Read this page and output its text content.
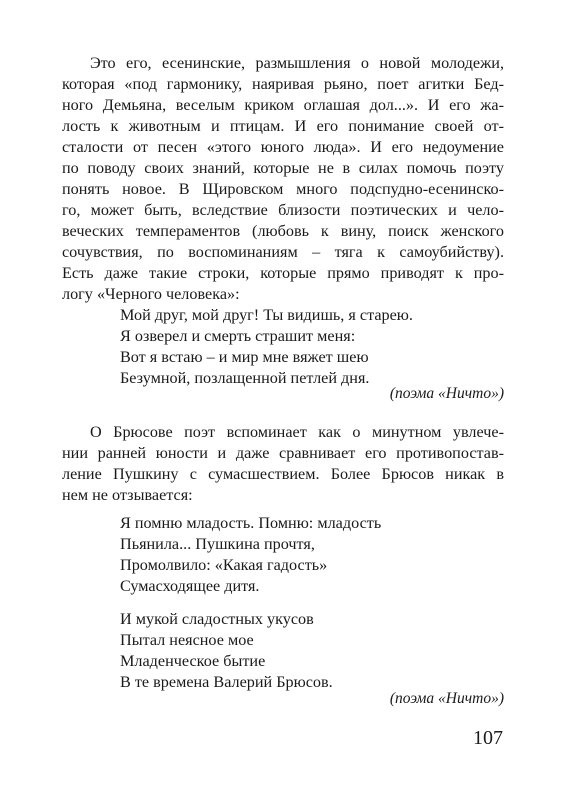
Это его, есенинские, размышления о новой молодежи,
которая «под гармонику, наяривая рьяно, поет агитки Бед-
ного Демьяна, веселым криком оглашая дол...». И его жа-
лость к животным и птицам. И его понимание своей от-
сталости от песен «этого юного люда». И его недоумение
по поводу своих знаний, которые не в силах помочь поэту
понять новое. В Щировском много подспудно-есенинско-
го, может быть, вследствие близости поэтических и чело-
веческих темпераментов (любовь к вину, поиск женского
сочувствия, по воспоминаниям – тяга к самоубийству).
Есть даже такие строки, которые прямо приводят к про-
логу «Черного человека»:
Мой друг, мой друг! Ты видишь, я старею.
Я озверел и смерть страшит меня:
Вот я встаю – и мир мне вяжет шею
Безумной, позлащенной петлей дня.
(поэма «Ничто»)
О Брюсове поэт вспоминает как о минутном увлече-
нии ранней юности и даже сравнивает его противопостав-
ление Пушкину с сумасшествием. Более Брюсов никак в
нем не отзывается:
Я помню младость. Помню: младость
Пьянила... Пушкина прочтя,
Промолвило: «Какая гадость»
Сумасходящее дитя.
И мукой сладостных укусов
Пытал неясное мое
Младенческое бытие
В те времена Валерий Брюсов.
(поэма «Ничто»)
107
